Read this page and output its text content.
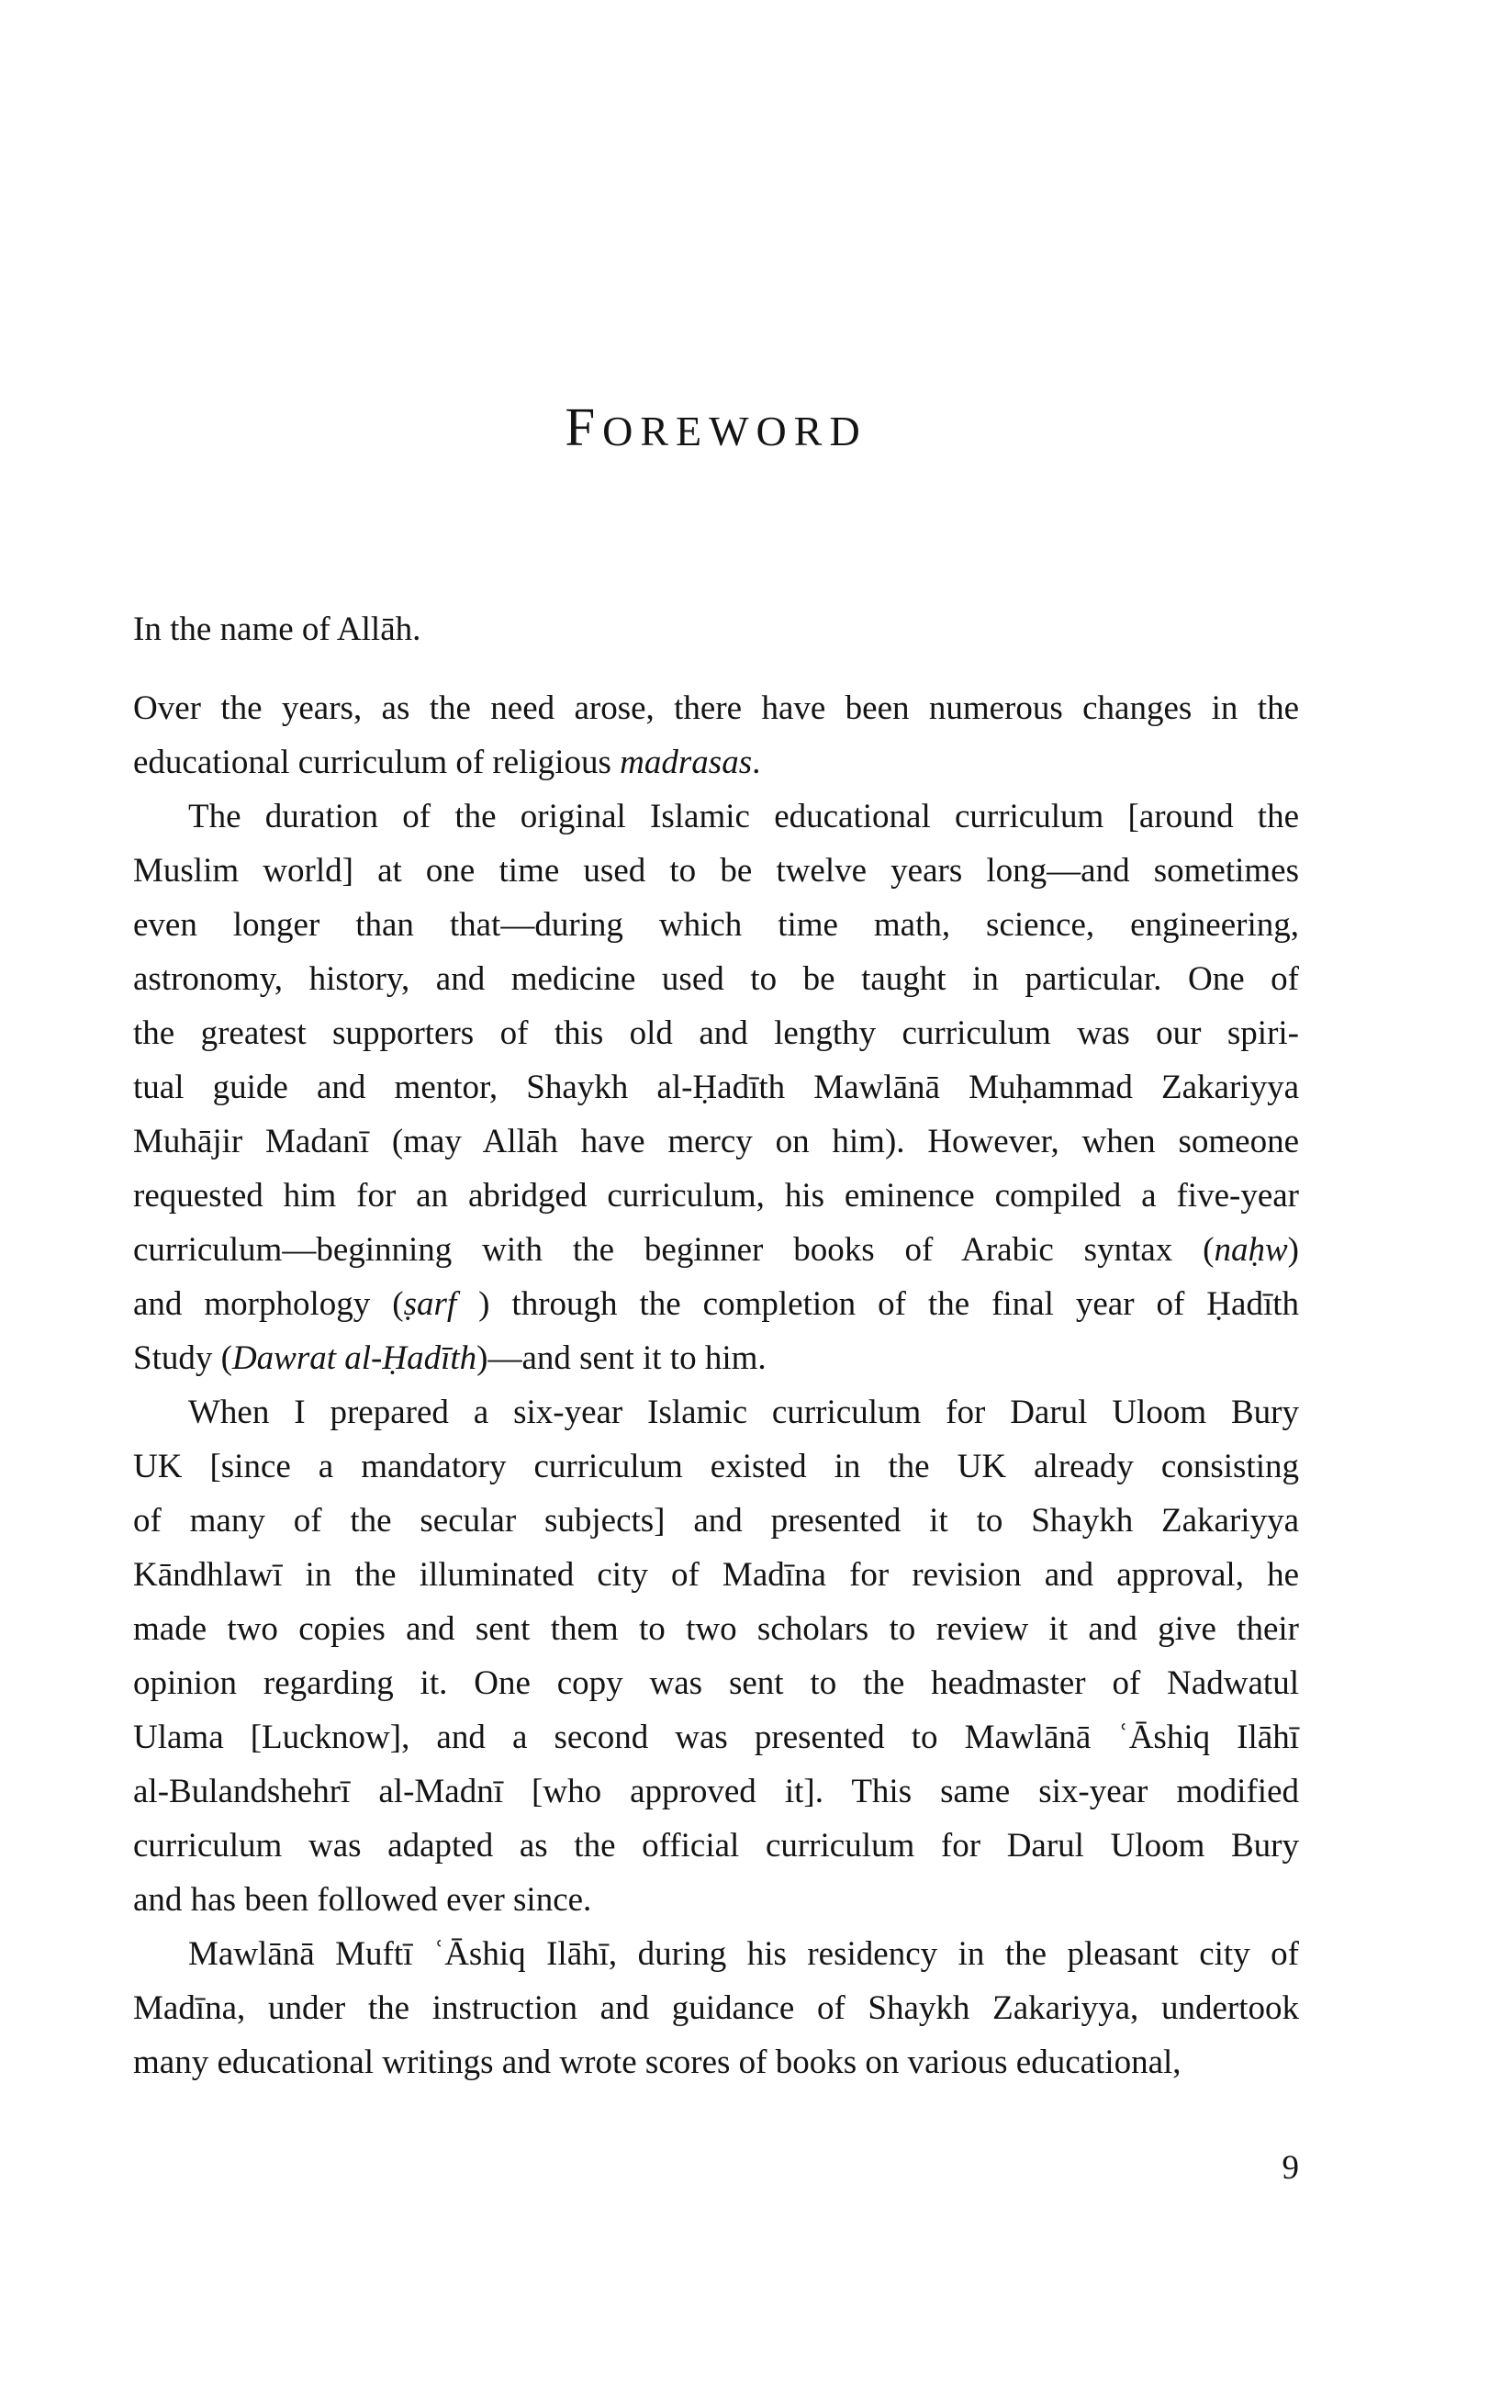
FOREWORD
In the name of Allāh.
Over the years, as the need arose, there have been numerous changes in the
educational curriculum of religious madrasas.
The duration of the original Islamic educational curriculum [around the
Muslim world] at one time used to be twelve years long—and sometimes
even longer than that—during which time math, science, engineering,
astronomy, history, and medicine used to be taught in particular. One of
the greatest supporters of this old and lengthy curriculum was our spiri-
tual guide and mentor, Shaykh al-Ḥadīth Mawlānā Muḥammad Zakariyya
Muhājir Madanī (may Allāh have mercy on him). However, when someone
requested him for an abridged curriculum, his eminence compiled a five-year
curriculum—beginning with the beginner books of Arabic syntax (naḥw)
and morphology (ṣarf ) through the completion of the final year of Ḥadīth
Study (Dawrat al-Ḥadīth)—and sent it to him.
When I prepared a six-year Islamic curriculum for Darul Uloom Bury
UK [since a mandatory curriculum existed in the UK already consisting
of many of the secular subjects] and presented it to Shaykh Zakariyya
Kāndhlawī in the illuminated city of Madīna for revision and approval, he
made two copies and sent them to two scholars to review it and give their
opinion regarding it. One copy was sent to the headmaster of Nadwatul
Ulama [Lucknow], and a second was presented to Mawlānā ʿĀshiq Ilāhī
al-Bulandshehrī al-Madnī [who approved it]. This same six-year modified
curriculum was adapted as the official curriculum for Darul Uloom Bury
and has been followed ever since.
Mawlānā Muftī ʿĀshiq Ilāhī, during his residency in the pleasant city of
Madīna, under the instruction and guidance of Shaykh Zakariyya, undertook
many educational writings and wrote scores of books on various educational,
9
